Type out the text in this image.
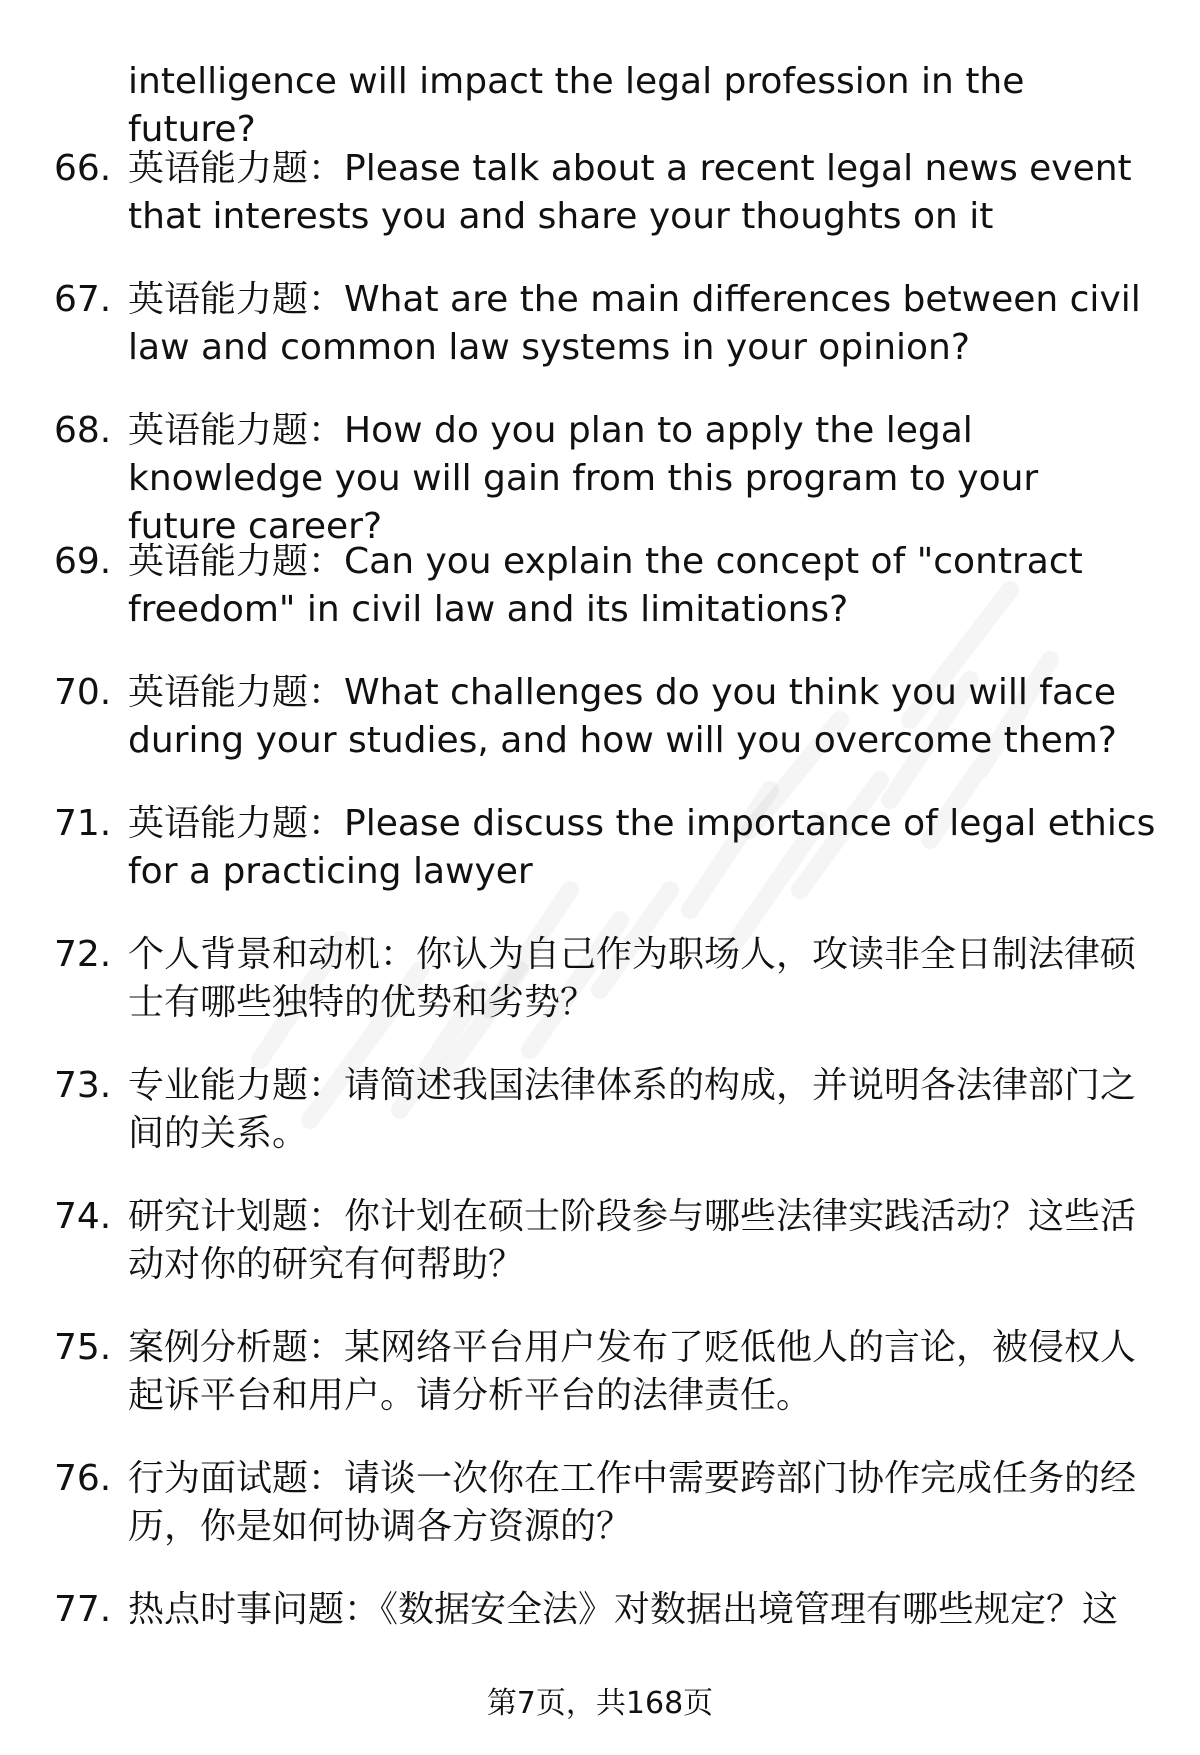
intelligence will impact the legal profession in the future?
66. 英语能力题：Please talk about a recent legal news event that interests you and share your thoughts on it
67. 英语能力题：What are the main differences between civil law and common law systems in your opinion?
68. 英语能力题：How do you plan to apply the legal knowledge you will gain from this program to your future career?
69. 英语能力题：Can you explain the concept of "contract freedom" in civil law and its limitations?
70. 英语能力题：What challenges do you think you will face during your studies, and how will you overcome them?
71. 英语能力题：Please discuss the importance of legal ethics for a practicing lawyer
72. 个人背景和动机：你认为自己作为职场人，攻读非全日制法律硕士有哪些独特的优势和劣势？
73. 专业能力题：请简述我国法律体系的构成，并说明各法律部门之间的关系。
74. 研究计划题：你计划在硕士阶段参与哪些法律实践活动？这些活动对你的研究有何帮助？
75. 案例分析题：某网络平台用户发布了贬低他人的言论，被侵权人起诉平台和用户。请分析平台的法律责任。
76. 行为面试题：请谈一次你在工作中需要跨部门协作完成任务的经历，你是如何协调各方资源的？
77. 热点时事问题：《数据安全法》对数据出境管理有哪些规定？这
第7页，共168页
